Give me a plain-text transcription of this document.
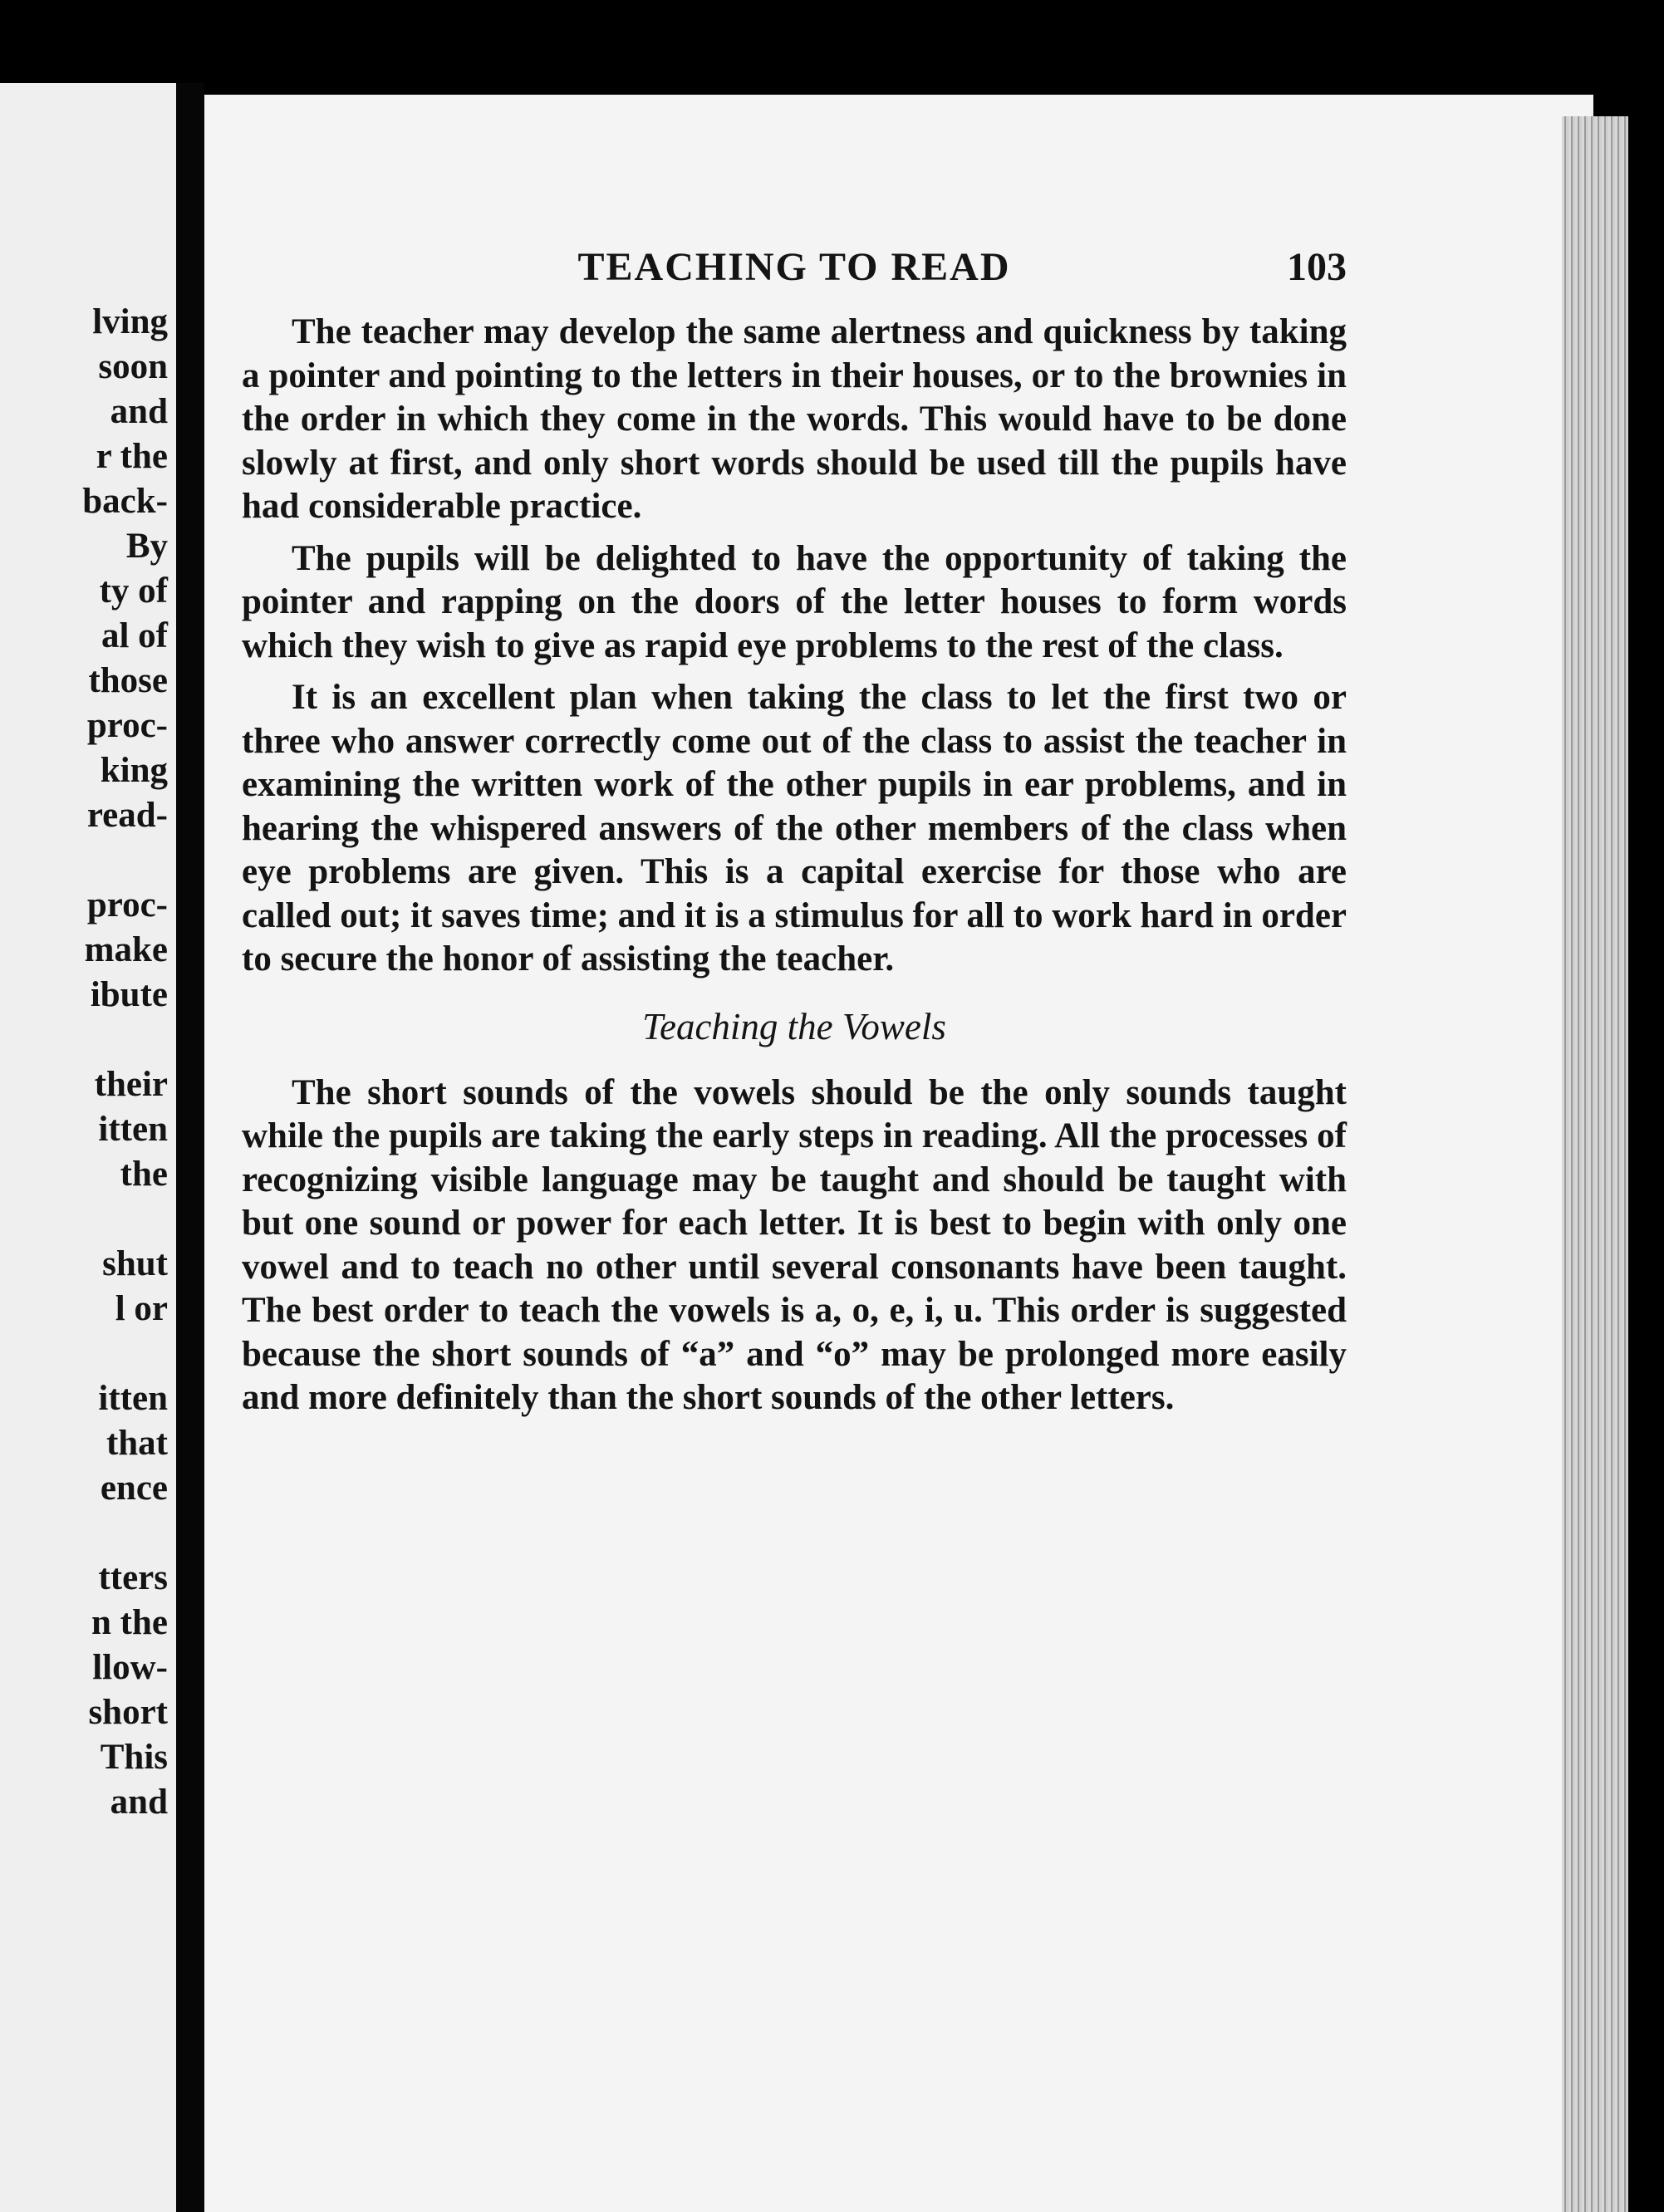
lving
soon
and
r the
back-
By
ty of
al of
those
proc-
king
read-
proc-
make
ibute
their
itten
the
shut
l or
itten
that
ence
tters
n the
llow-
short
This
and
TEACHING TO READ	103

The teacher may develop the same alertness and quickness by taking a pointer and pointing to the letters in their houses, or to the brownies in the order in which they come in the words. This would have to be done slowly at first, and only short words should be used till the pupils have had considerable practice.

The pupils will be delighted to have the opportunity of taking the pointer and rapping on the doors of the letter houses to form words which they wish to give as rapid eye problems to the rest of the class.

It is an excellent plan when taking the class to let the first two or three who answer correctly come out of the class to assist the teacher in examining the written work of the other pupils in ear problems, and in hearing the whispered answers of the other members of the class when eye problems are given. This is a capital exercise for those who are called out; it saves time; and it is a stimulus for all to work hard in order to secure the honor of assisting the teacher.

Teaching the Vowels

The short sounds of the vowels should be the only sounds taught while the pupils are taking the early steps in reading. All the processes of recognizing visible language may be taught and should be taught with but one sound or power for each letter. It is best to begin with only one vowel and to teach no other until several consonants have been taught. The best order to teach the vowels is a, o, e, i, u. This order is suggested because the short sounds of “a” and “o” may be prolonged more easily and more definitely than the short sounds of the other letters.
